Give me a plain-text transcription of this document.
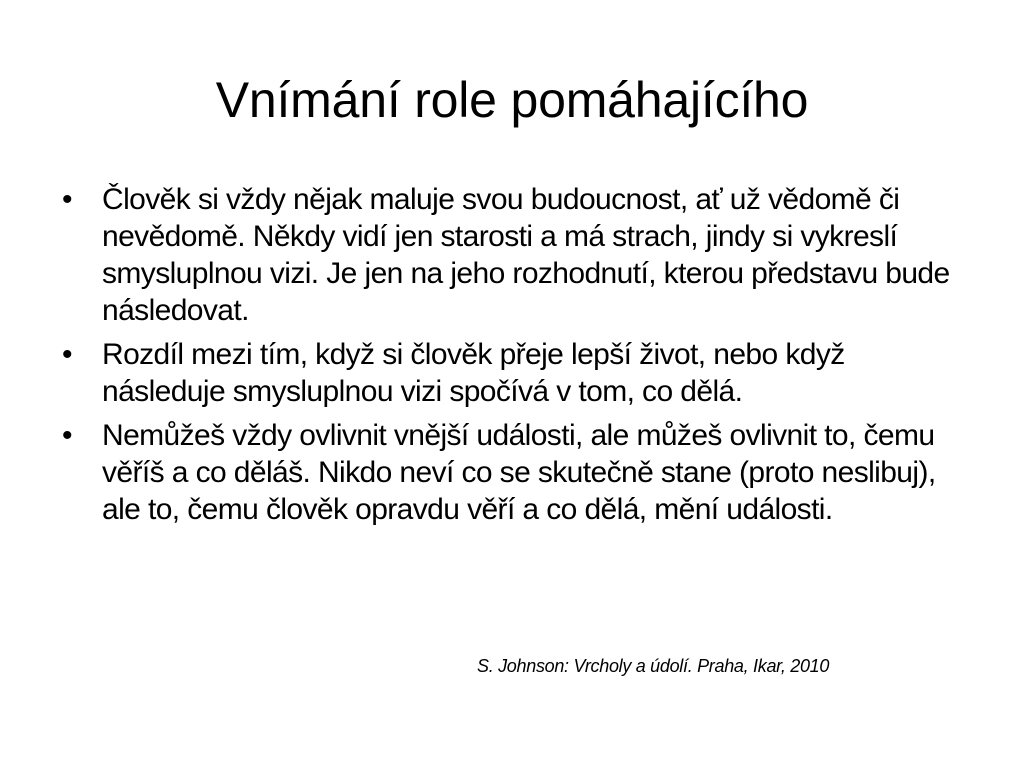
Vnímání role pomáhajícího
•	Člověk si vždy nějak maluje svou budoucnost, ať už vědomě či nevědomě. Někdy vidí jen starosti a má strach, jindy si vykreslí smysluplnou vizi. Je jen na jeho rozhodnutí, kterou představu bude následovat.
•	Rozdíl mezi tím, když si člověk přeje lepší život, nebo když následuje smysluplnou vizi spočívá v tom, co dělá.
•	Nemůžeš vždy ovlivnit vnější události, ale můžeš ovlivnit to, čemu věříš a co děláš. Nikdo neví co se skutečně stane (proto neslibuj), ale to, čemu člověk opravdu věří a co dělá, mění události.
S. Johnson: Vrcholy a údolí. Praha, Ikar, 2010
